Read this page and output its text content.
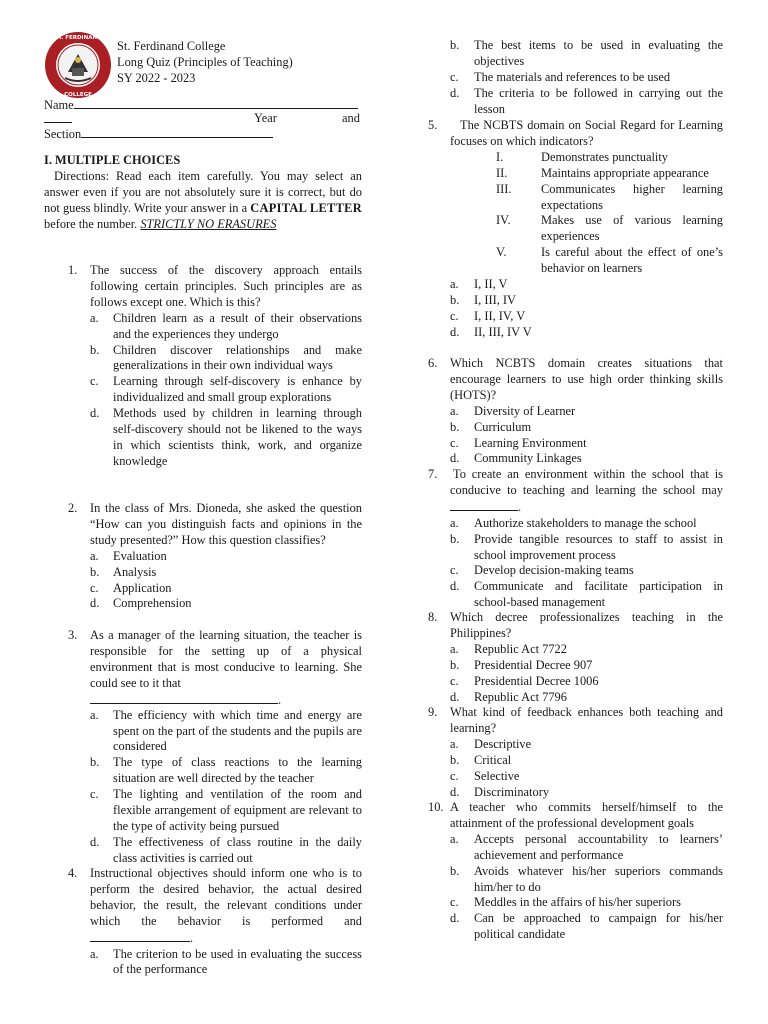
ST. FERDINAND
COLLEGE
St. Ferdinand College
Long Quiz (Principles of Teaching)
SY 2022 - 2023
Name
Year	and
Section
I. MULTIPLE CHOICES
Directions: Read each item carefully. You may select an answer even if you are not absolutely sure it is correct, but do not guess blindly. Write your answer in a CAPITAL LETTER before the number. STRICTLY NO ERASURES
1. The success of the discovery approach entails following certain principles. Such principles are as follows except one. Which is this?
a. Children learn as a result of their observations and the experiences they undergo
b. Children discover relationships and make generalizations in their own individual ways
c. Learning through self-discovery is enhance by individualized and small group explorations
d. Methods used by children in learning through self-discovery should not be likened to the ways in which scientists think, work, and organize knowledge
2. In the class of Mrs. Dioneda, she asked the question “How can you distinguish facts and opinions in the study presented?” How this question classifies?
a. Evaluation
b. Analysis
c. Application
d. Comprehension
3. As a manager of the learning situation, the teacher is responsible for the setting up of a physical environment that is most conducive to learning. She could see to it that
.
a. The efficiency with which time and energy are spent on the part of the students and the pupils are considered
b. The type of class reactions to the learning situation are well directed by the teacher
c. The lighting and ventilation of the room and flexible arrangement of equipment are relevant to the type of activity being pursued
d. The effectiveness of class routine in the daily class activities is carried out
4. Instructional objectives should inform one who is to perform the desired behavior, the actual desired behavior, the result, the relevant conditions under which the behavior is performed and .
a. The criterion to be used in evaluating the success of the performance
b. The best items to be used in evaluating the objectives
c. The materials and references to be used
d. The criteria to be followed in carrying out the lesson
5.	The NCBTS domain on Social Regard for Learning focuses on which indicators?
I.	Demonstrates punctuality
II.	Maintains appropriate appearance
III. Communicates higher learning expectations
IV. Makes use of various learning experiences
V.	Is careful about the effect of one’s behavior on learners
a. I, II, V
b. I, III, IV
c. I, II, IV, V
d. II, III, IV V
6. Which NCBTS domain creates situations that encourage learners to use high order thinking skills (HOTS)?
a. Diversity of Learner
b. Curriculum
c. Learning Environment
d. Community Linkages
7. To create an environment within the school that is conducive to teaching and learning the school may .
a. Authorize stakeholders to manage the school
b. Provide tangible resources to staff to assist in school improvement process
c. Develop decision-making teams
d. Communicate and facilitate participation in school-based management
8. Which decree professionalizes teaching in the Philippines?
a. Republic Act 7722
b. Presidential Decree 907
c. Presidential Decree 1006
d. Republic Act 7796
9. What kind of feedback enhances both teaching and learning?
a. Descriptive
b. Critical
c. Selective
d. Discriminatory
10. A teacher who commits herself/himself to the attainment of the professional development goals
a. Accepts personal accountability to learners’ achievement and performance
b. Avoids whatever his/her superiors commands him/her to do
c. Meddles in the affairs of his/her superiors
d. Can be approached to campaign for his/her political candidate
